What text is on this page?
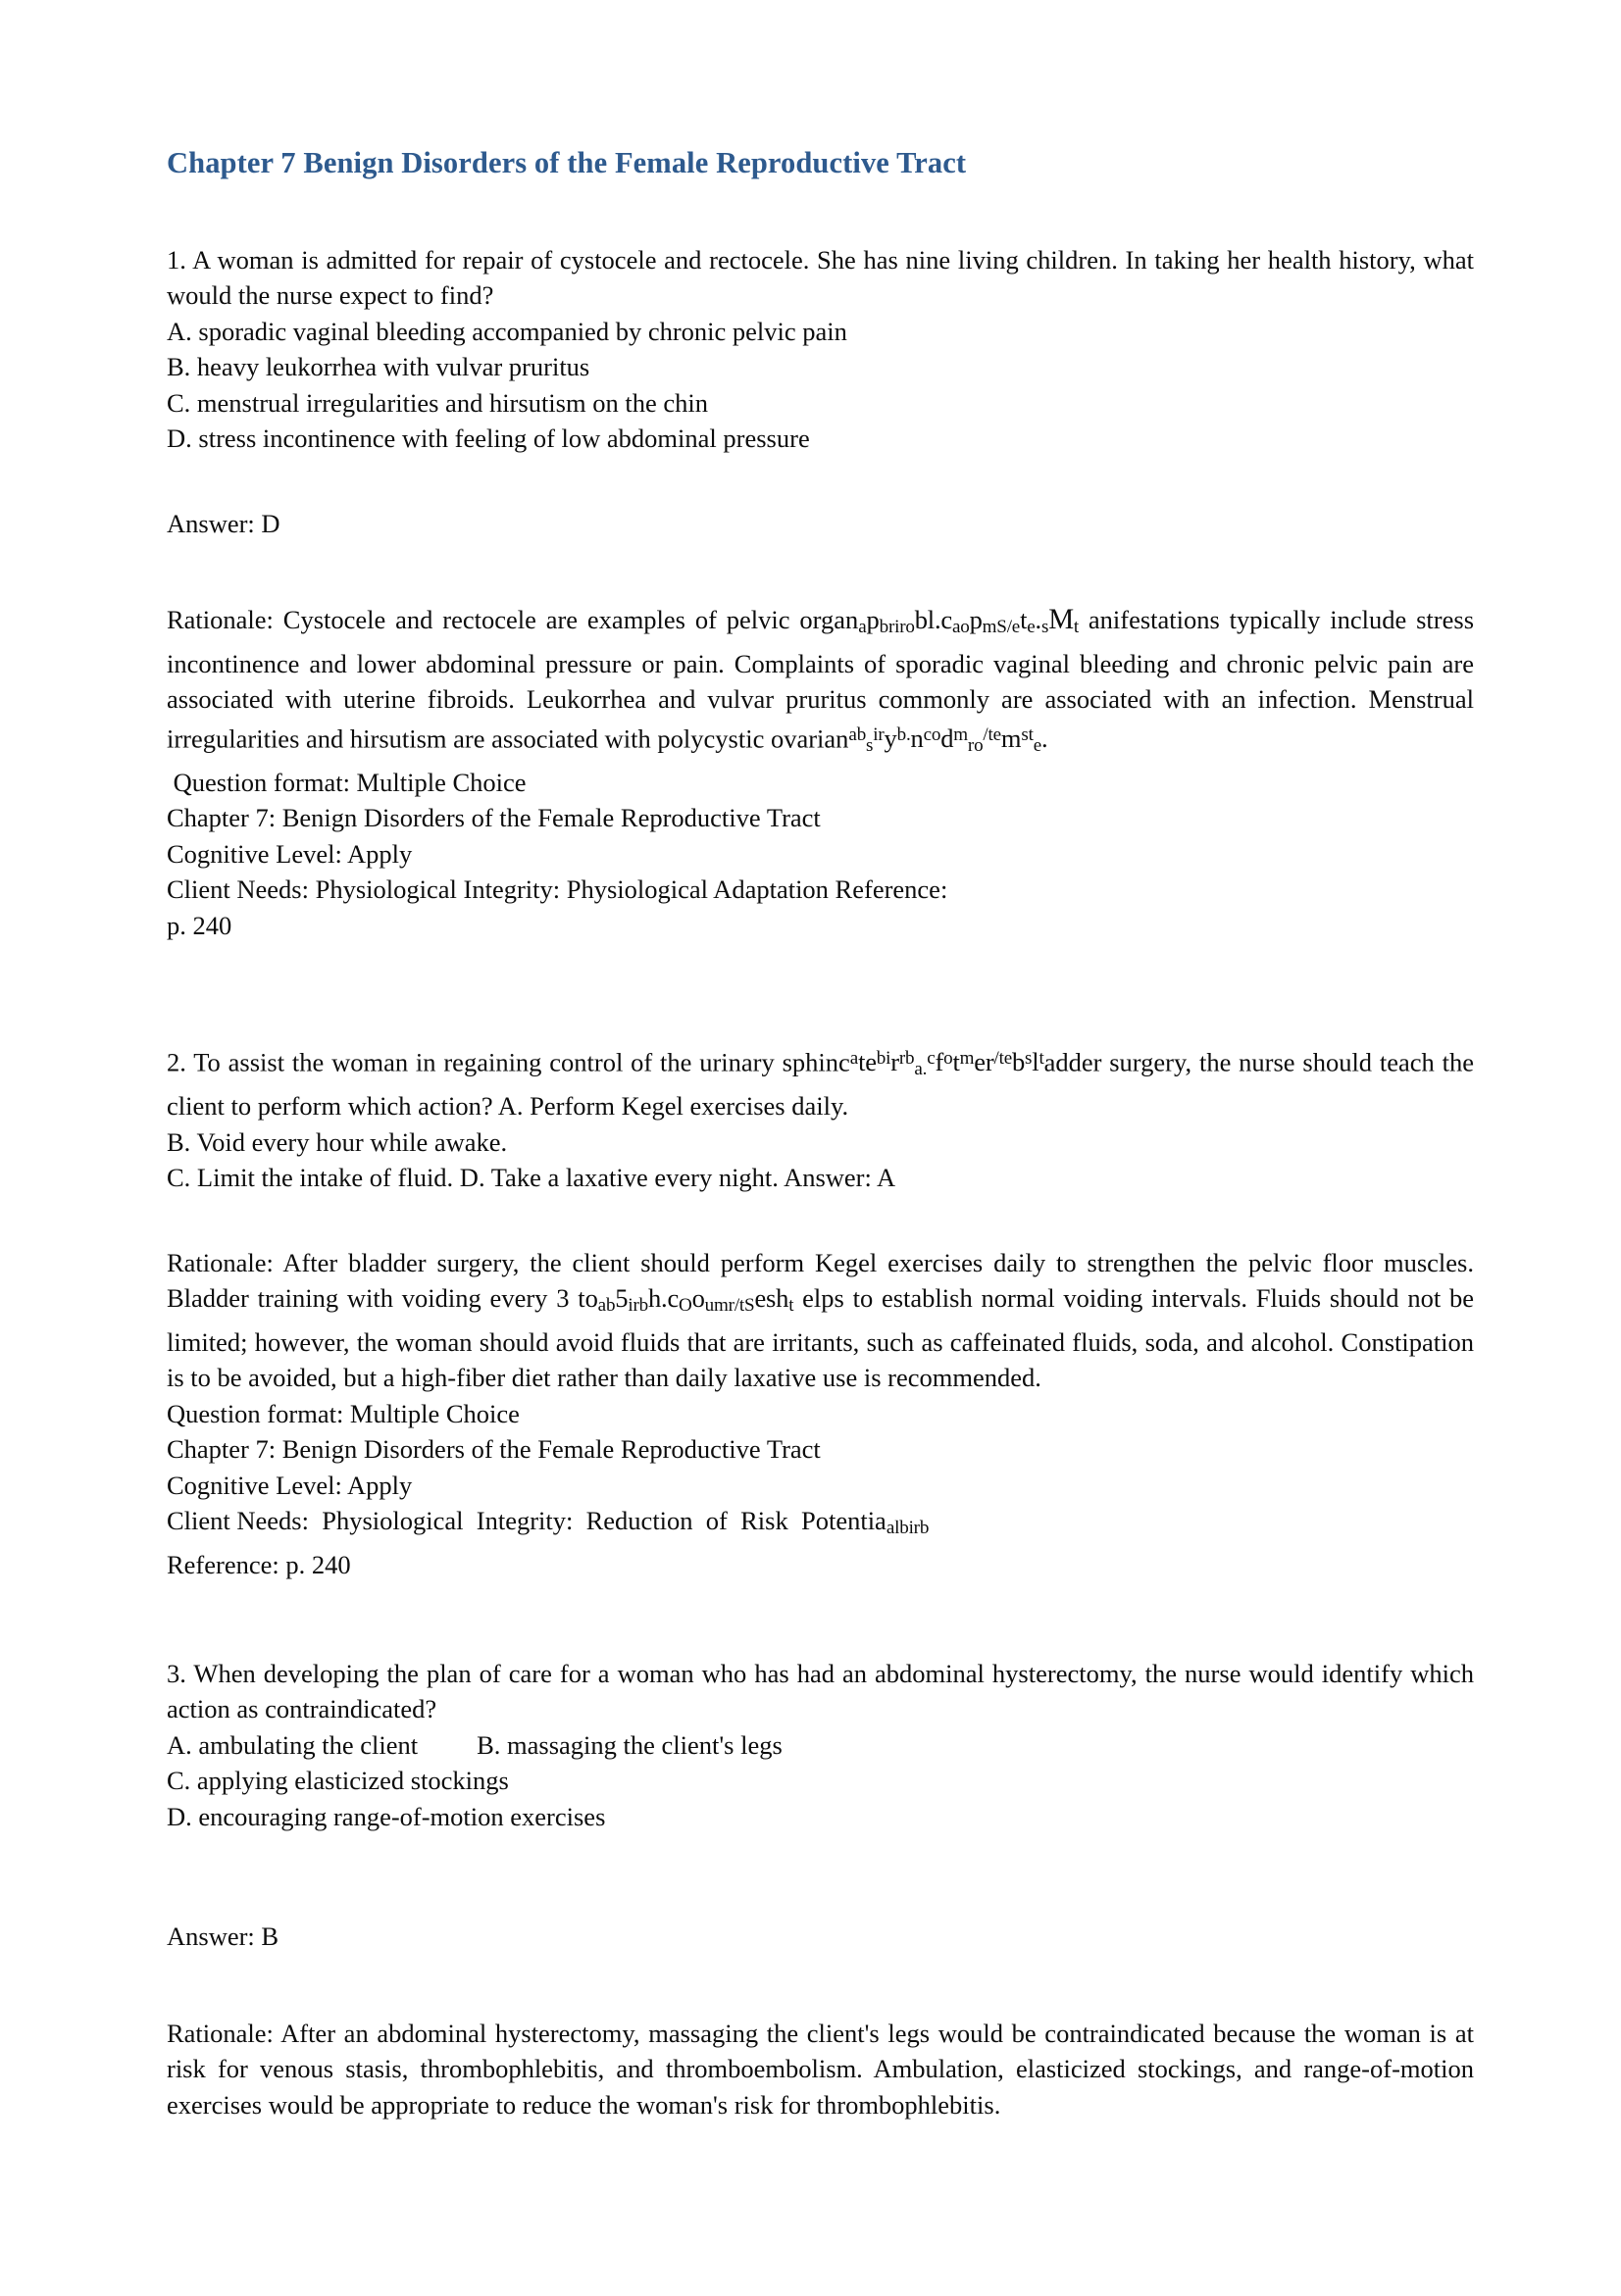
Chapter 7 Benign Disorders of the Female Reproductive Tract

1. A woman is admitted for repair of cystocele and rectocele. She has nine living children. In taking her health history, what would the nurse expect to find?

A. sporadic vaginal bleeding accompanied by chronic pelvic pain

B. heavy leukorrhea with vulvar pruritus

C. menstrual irregularities and hirsutism on the chin

D. stress incontinence with feeling of low abdominal pressure

Answer: D

Rationale: Cystocele and rectocele are examples of pelvic organapbrirobl.caopmS/ete.sMt anifestations typically include stress incontinence and lower abdominal pressure or pain. Complaints of sporadic vaginal bleeding and chronic pelvic pain are associated with uterine fibroids. Leukorrhea and vulvar pruritus commonly are associated with an infection. Menstrual irregularities and hirsutism are associated with polycystic $ovarian^{ab}s^{ir}y^{b.}n^{co}d^mro^{/te}m^{st}e$.

Question format: Multiple Choice

Chapter 7: Benign Disorders of the Female Reproductive Tract

Cognitive Level: Apply

Client Needs: Physiological Integrity: Physiological Adaptation Reference:

p. 240

2. To assist the woman in regaining control of the urinary $sphinc^ate^{bi}r^{rb}a.^cf^ot^mer^{/te}b^sl^tadder$ surgery, the nurse should teach the client to perform which action? A. Perform Kegel exercises daily.

B. Void every hour while awake.

C. Limit the intake of fluid. D. Take a laxative every night. Answer: A

Rationale: After bladder surgery, the client should perform Kegel exercises daily to strengthen the pelvic floor muscles. Bladder training with voiding every 3 toab5irbh.cOoumr/tSesht elps to establish normal voiding intervals. Fluids should not be limited; however, the woman should avoid fluids that are irritants, such as caffeinated fluids, soda, and alcohol. Constipation is to be avoided, but a high-fiber diet rather than daily laxative use is recommended.

Question format: Multiple Choice

Chapter 7: Benign Disorders of the Female Reproductive Tract

Cognitive Level: Apply

Client Needs:  Physiological  Integrity:  Reduction  of  Risk  Potentiaalbirb

Reference: p. 240

3. When developing the plan of care for a woman who has had an abdominal hysterectomy, the nurse would identify which action as contraindicated?

A. ambulating the client B. massaging the client's legs

C. applying elasticized stockings

D. encouraging range-of-motion exercises

Answer: B

Rationale: After an abdominal hysterectomy, massaging the client's legs would be contraindicated because the woman is at risk for venous stasis, thrombophlebitis, and thromboembolism. Ambulation, elasticized stockings, and range-of-motion exercises would be appropriate to reduce the woman's risk for thrombophlebitis.
